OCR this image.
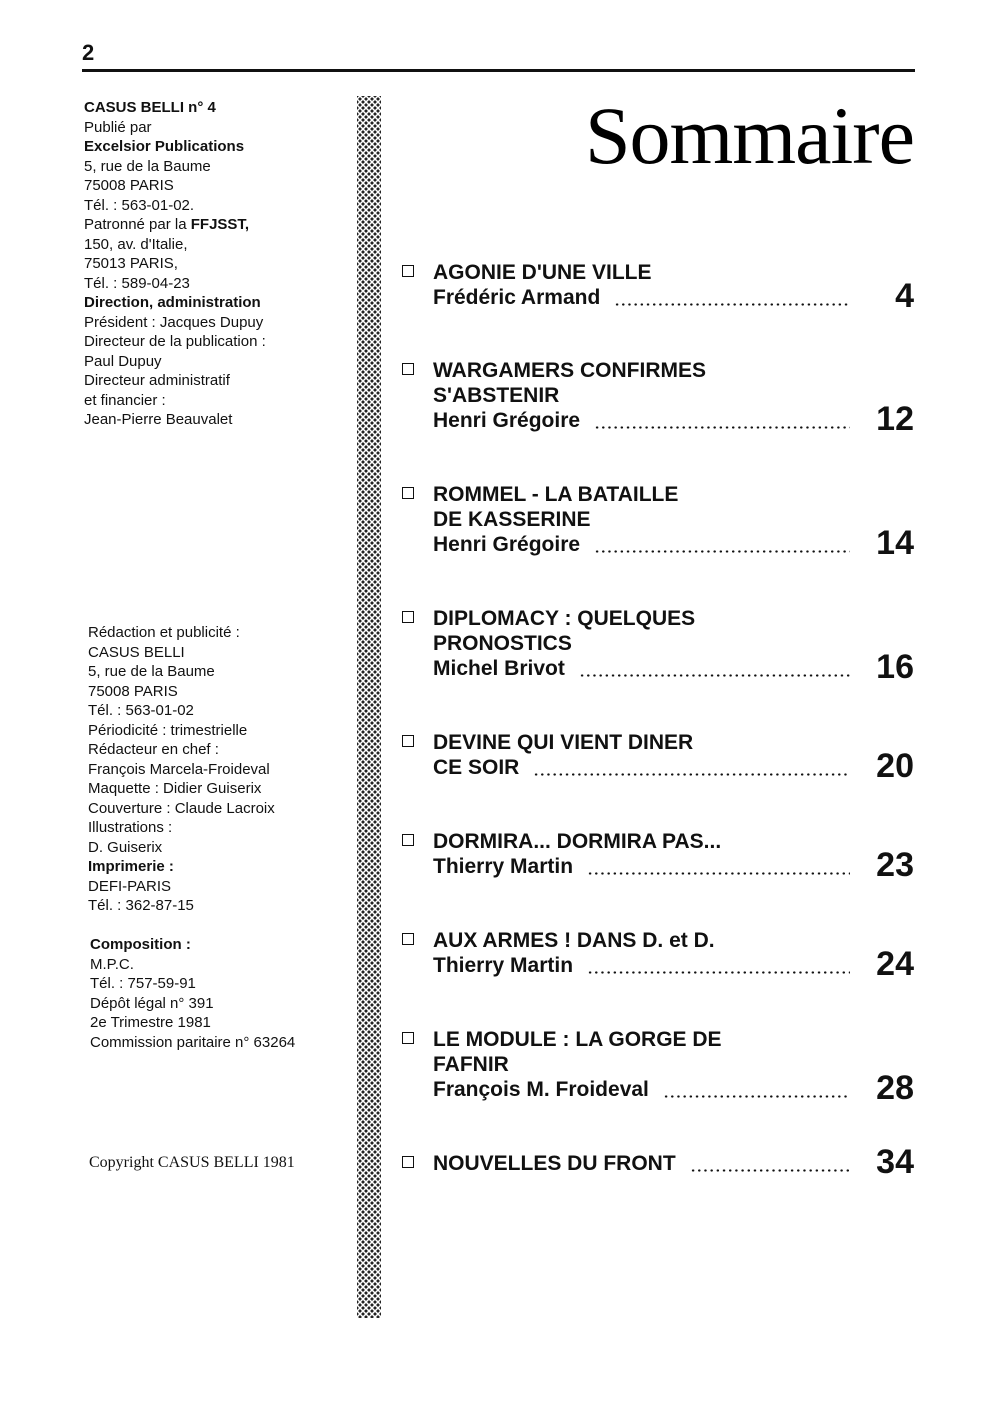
2
CASUS BELLI n° 4
Publié par
Excelsior Publications
5, rue de la Baume
75008 PARIS
Tél. : 563-01-02.
Patronné par la FFJSST,
150, av. d'Italie,
75013 PARIS,
Tél. : 589-04-23
Direction, administration
Président : Jacques Dupuy
Directeur de la publication :
Paul Dupuy
Directeur administratif
et financier :
Jean-Pierre Beauvalet
Rédaction et publicité :
CASUS BELLI
5, rue de la Baume
75008 PARIS
Tél. : 563-01-02
Périodicité : trimestrielle
Rédacteur en chef :
François Marcela-Froideval
Maquette : Didier Guiserix
Couverture : Claude Lacroix
Illustrations :
D. Guiserix
Imprimerie :
DEFI-PARIS
Tél. : 362-87-15
Composition :
M.P.C.
Tél. : 757-59-91
Dépôt légal n° 391
2e Trimestre 1981
Commission paritaire n° 63264
Copyright CASUS BELLI 1981
Sommaire
AGONIE D'UNE VILLE
Frédéric Armand	4
WARGAMERS CONFIRMES
S'ABSTENIR
Henri Grégoire	12
ROMMEL - LA BATAILLE
DE KASSERINE
Henri Grégoire	14
DIPLOMACY : QUELQUES
PRONOSTICS
Michel Brivot	16
DEVINE QUI VIENT DINER
CE SOIR	20
DORMIRA... DORMIRA PAS...
Thierry Martin	23
AUX ARMES ! DANS D. et D.
Thierry Martin	24
LE MODULE : LA GORGE DE
FAFNIR
François M. Froideval	28
NOUVELLES DU FRONT	34
